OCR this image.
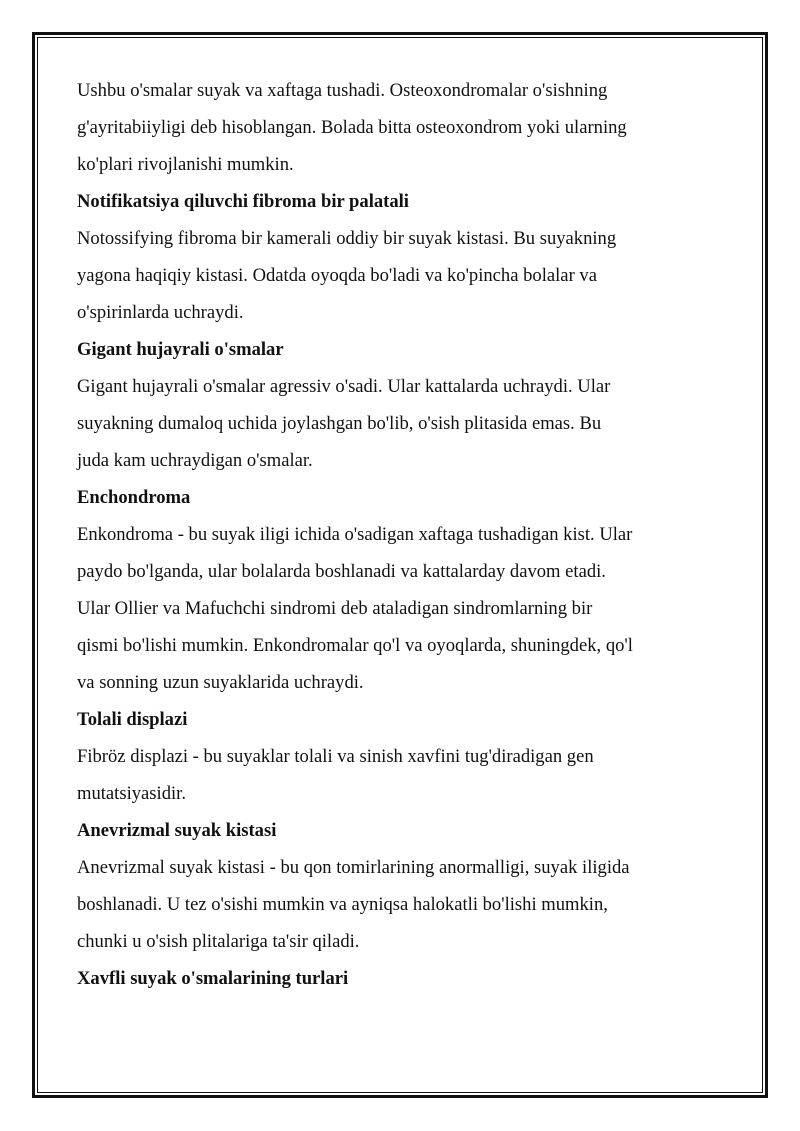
Ushbu o'smalar suyak va xaftaga tushadi. Osteoxondromalar o'sishning

g'ayritabiiyligi deb hisoblangan. Bolada bitta osteoxondrom yoki ularning

ko'plari rivojlanishi mumkin.

Notifikatsiya qiluvchi fibroma bir palatali

Notossifying fibroma bir kamerali oddiy bir suyak kistasi. Bu suyakning

yagona haqiqiy kistasi. Odatda oyoqda bo'ladi va ko'pincha bolalar va

o'spirinlarda uchraydi.

Gigant hujayrali o'smalar

Gigant hujayrali o'smalar agressiv o'sadi. Ular kattalarda uchraydi. Ular

suyakning dumaloq uchida joylashgan bo'lib, o'sish plitasida emas. Bu

juda kam uchraydigan o'smalar.

Enchondroma

Enkondroma - bu suyak iligi ichida o'sadigan xaftaga tushadigan kist. Ular

paydo bo'lganda, ular bolalarda boshlanadi va kattalarday davom etadi.

Ular Ollier va Mafuchchi sindromi deb ataladigan sindromlarning bir

qismi bo'lishi mumkin. Enkondromalar qo'l va oyoqlarda, shuningdek, qo'l

va sonning uzun suyaklarida uchraydi.

Tolali displazi

Fibröz displazi - bu suyaklar tolali va sinish xavfini tug'diradigan gen

mutatsiyasidir.

Anevrizmal suyak kistasi

Anevrizmal suyak kistasi - bu qon tomirlarining anormalligi, suyak iligida

boshlanadi. U tez o'sishi mumkin va ayniqsa halokatli bo'lishi mumkin,

chunki u o'sish plitalariga ta'sir qiladi.

Xavfli suyak o'smalarining turlari
